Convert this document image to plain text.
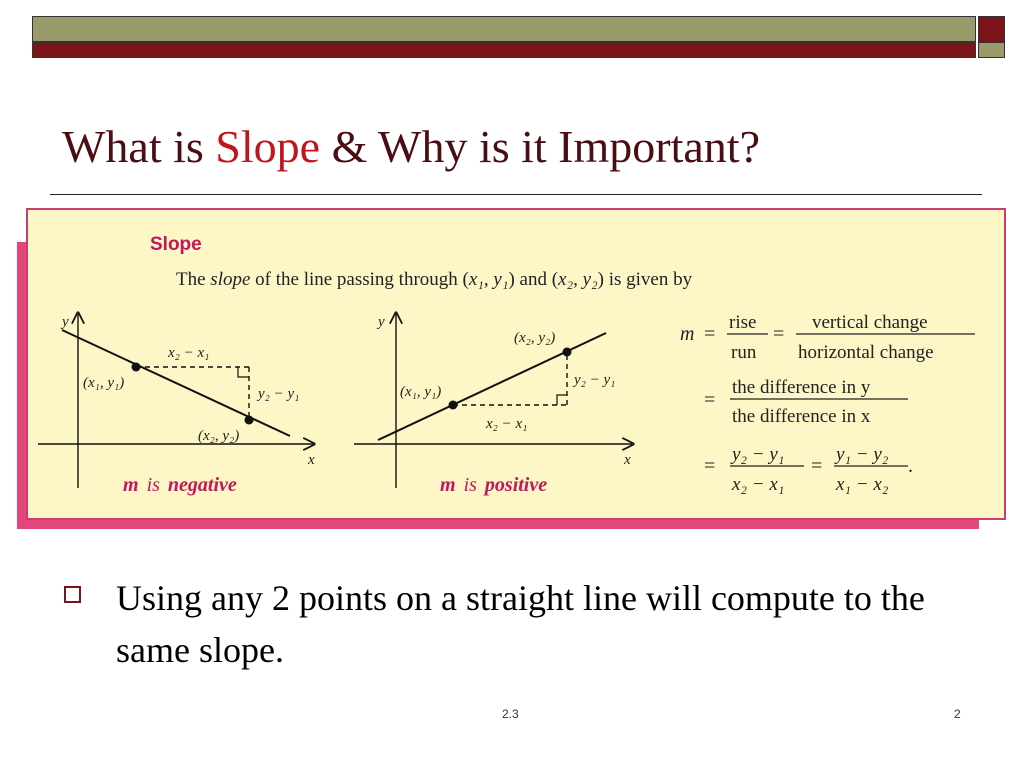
What is Slope & Why is it Important?
Slope
The slope of the line passing through (x₁, y₁) and (x₂, y₂) is given by
y
x
x₂ − x₁
y₂ − y₁
(x₁, y₁)
(x₂, y₂)
m is negative
y
x
x₂ − x₁
y₂ − y₁
(x₁, y₁)
(x₂, y₂)
m is positive
m =
rise
run
=
vertical change
horizontal change
=
the difference in y
the difference in x
=
y₂ − y₁
x₂ − x₁
=
y₁ − y₂
x₁ − x₂
.
Using any 2 points on a straight line will compute to the same slope.
2.3	2
